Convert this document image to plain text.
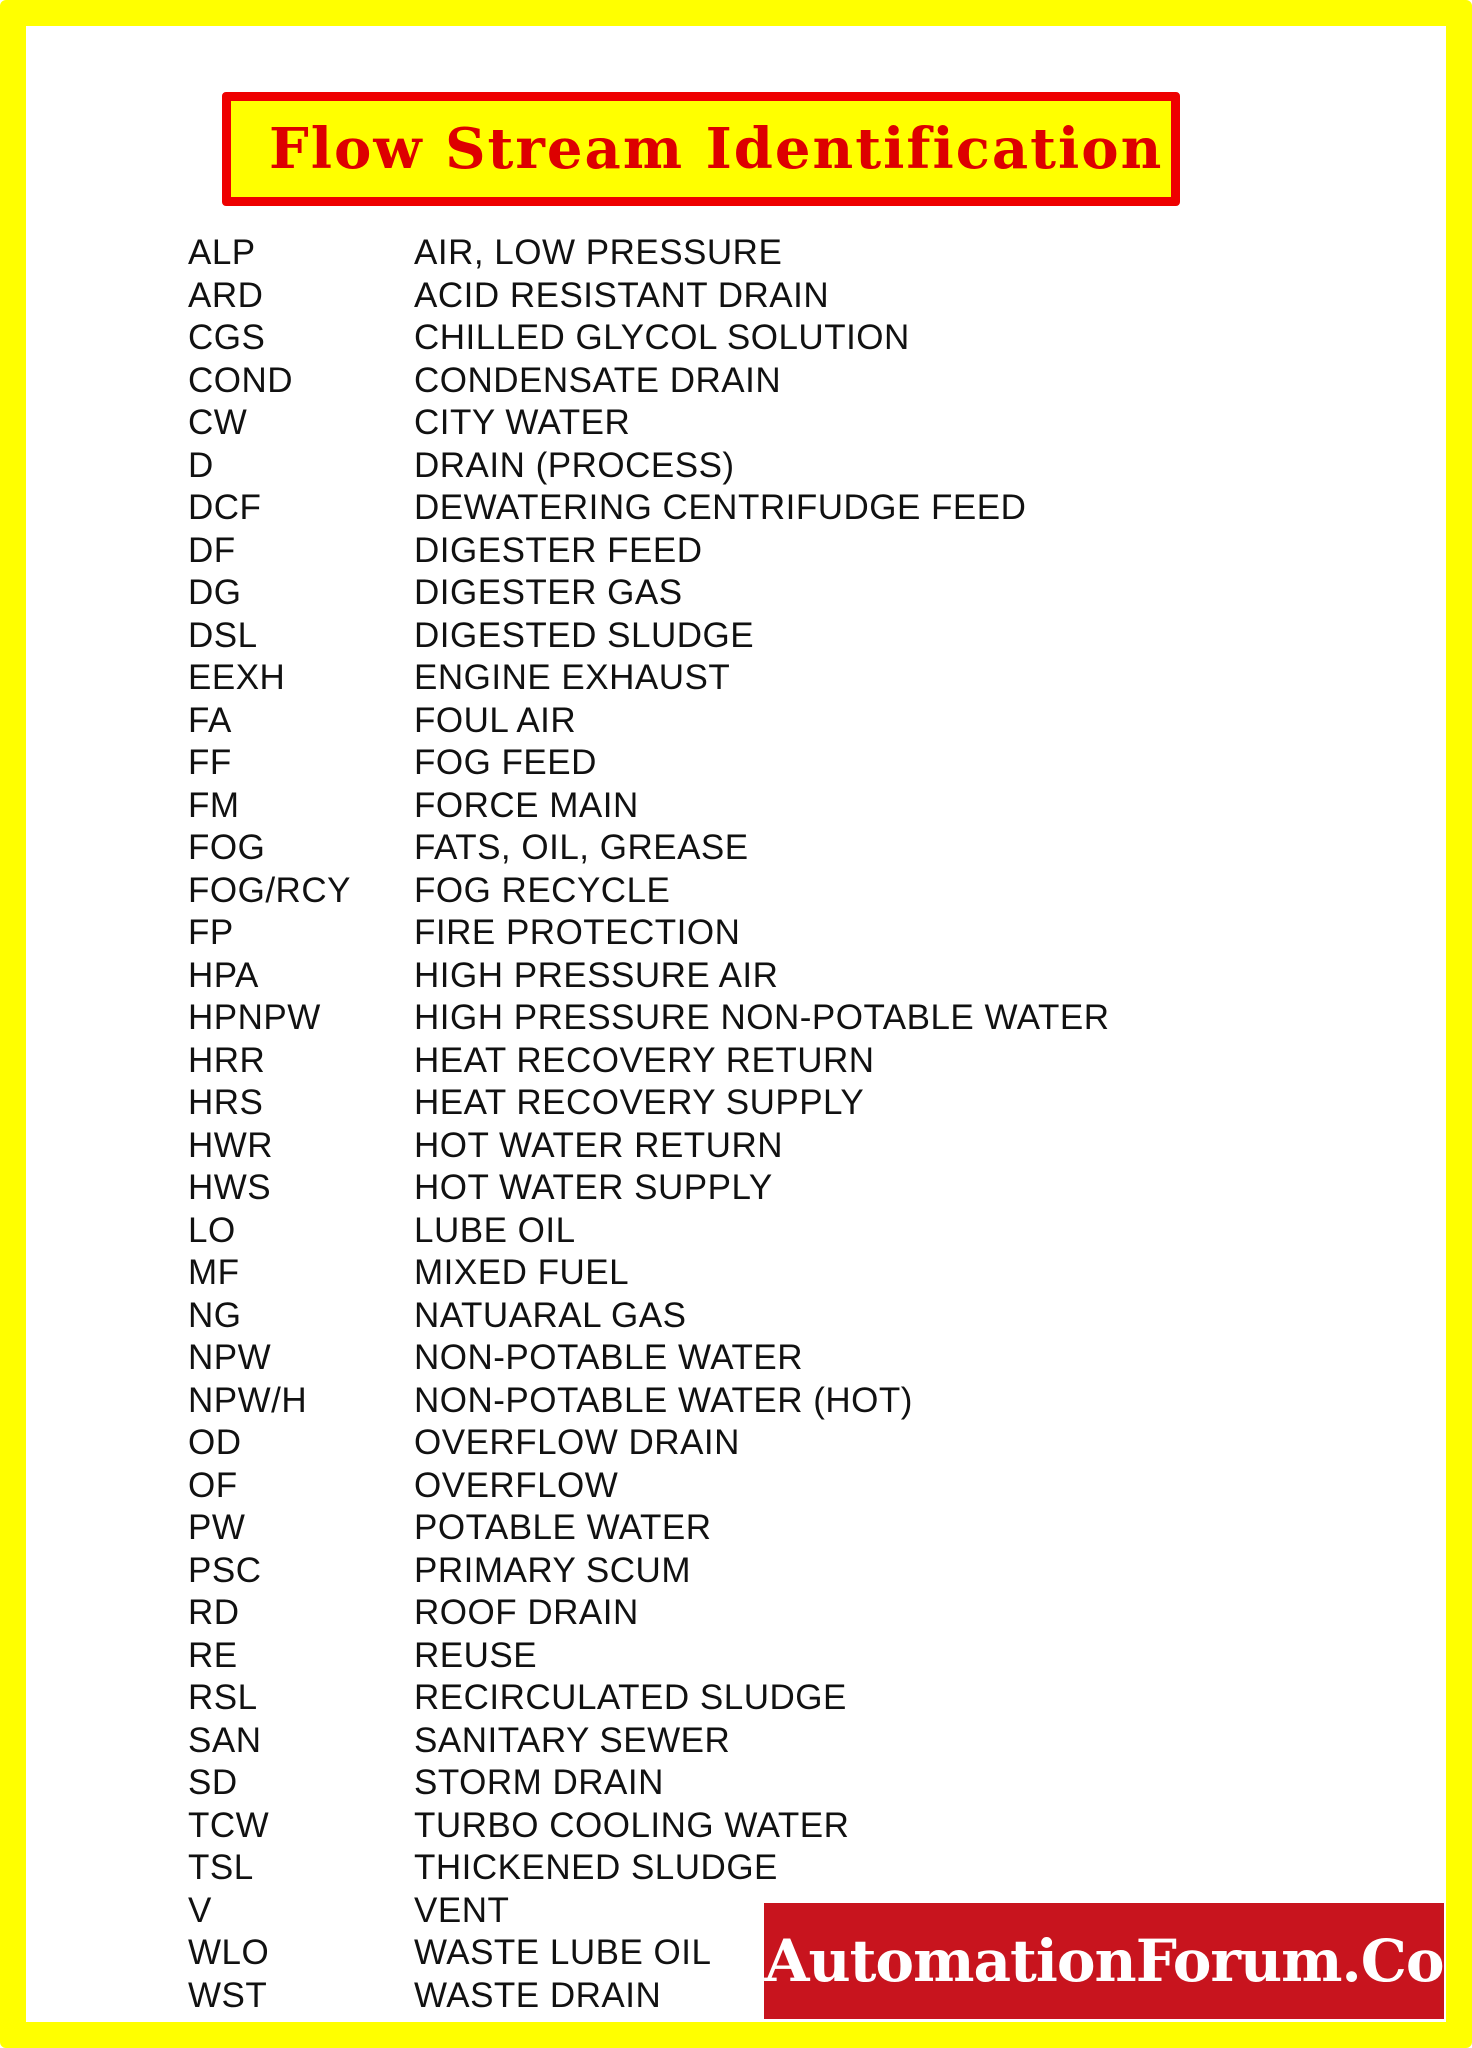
Flow Stream Identification
ALP	AIR, LOW PRESSURE
ARD	ACID RESISTANT DRAIN
CGS	CHILLED GLYCOL SOLUTION
COND	CONDENSATE DRAIN
CW	CITY WATER
D	DRAIN (PROCESS)
DCF	DEWATERING CENTRIFUDGE FEED
DF	DIGESTER FEED
DG	DIGESTER GAS
DSL	DIGESTED SLUDGE
EEXH	ENGINE EXHAUST
FA	FOUL AIR
FF	FOG FEED
FM	FORCE MAIN
FOG	FATS, OIL, GREASE
FOG/RCY	FOG RECYCLE
FP	FIRE PROTECTION
HPA	HIGH PRESSURE AIR
HPNPW	HIGH PRESSURE NON-POTABLE WATER
HRR	HEAT RECOVERY RETURN
HRS	HEAT RECOVERY SUPPLY
HWR	HOT WATER RETURN
HWS	HOT WATER SUPPLY
LO	LUBE OIL
MF	MIXED FUEL
NG	NATUARAL GAS
NPW	NON-POTABLE WATER
NPW/H	NON-POTABLE WATER (HOT)
OD	OVERFLOW DRAIN
OF	OVERFLOW
PW	POTABLE WATER
PSC	PRIMARY SCUM
RD	ROOF DRAIN
RE	REUSE
RSL	RECIRCULATED SLUDGE
SAN	SANITARY SEWER
SD	STORM DRAIN
TCW	TURBO COOLING WATER
TSL	THICKENED SLUDGE
V	VENT
WLO	WASTE LUBE OIL
WST	WASTE DRAIN
AutomationForum.Co
